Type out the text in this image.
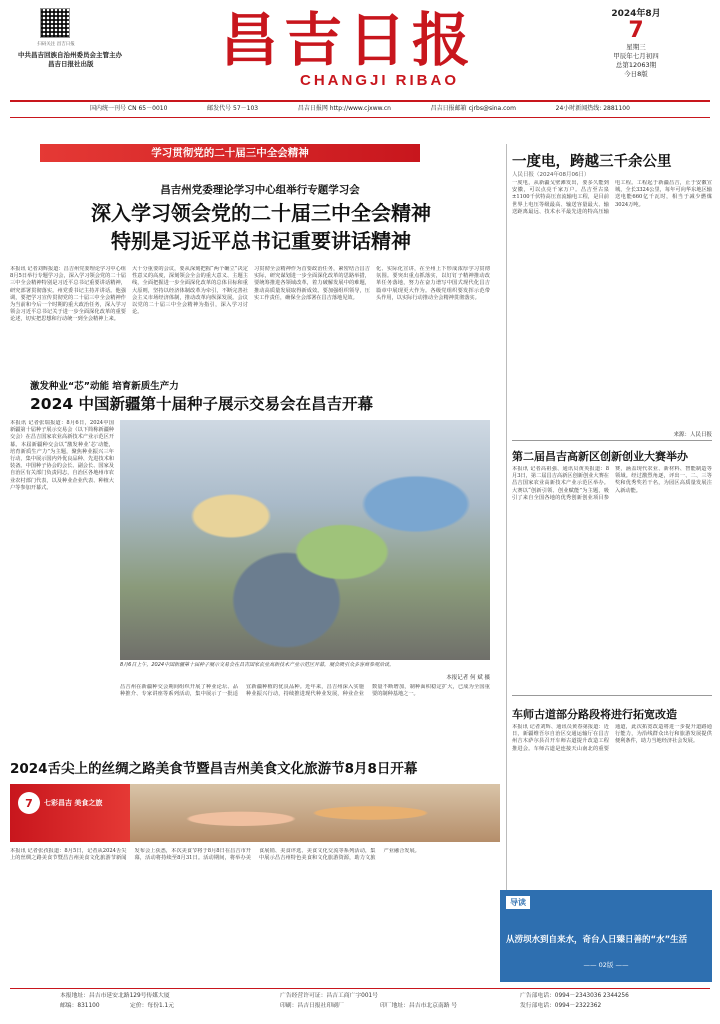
扫码关注 昌吉日报
中共昌吉回族自治州委员会主管主办
昌吉日报社出版 昌吉日报
CHANGJI RIBAO
2024年8月
7
星期三
甲辰年七月初四
总第12063期
今日8版
国内统一刊号 CN 65－0010	邮发代号 57－103	昌吉日报网 http://www.cjxww.cn	昌吉日报邮箱 cjrbs@sina.com	24小时新闻热线: 2881100
学习贯彻党的二十届三中全会精神
昌吉州党委理论学习中心组举行专题学习会
深入学习领会党的二十届三中全会精神
特别是习近平总书记重要讲话精神
本报讯 记者刘辉报道：昌吉州党委理论学习中心组8月5日举行专题学习会，深入学习领会党的二十届三中全会精神特别是习近平总书记重要讲话精神，研究部署贯彻落实。州党委书记主持并讲话。他强调，要把学习宣传贯彻党的二十届三中全会精神作为当前和今后一个时期的重大政治任务，深入学习领会习近平总书记关于进一步全面深化改革的重要论述，切实把思想和行动统一到全会精神上来。
大十分重要的会议，要从深刻把握“两个确立”决定性意义的高度，深刻领会全会的重大意义、主题主线，全面把握进一步全面深化改革的总体目标和重大原则，坚持以经济体制改革为牵引，不断完善社会主义市场经济体制，推动改革向纵深发展。会议以党的二十届三中全会精神为指引，深入学习讨论。
习贯彻全会精神作为首要政治任务，紧密结合昌吉实际，研究谋划进一步全面深化改革的思路举措，要统筹推进各领域改革，着力破解发展中的难题，推动高质量发展取得新成效。要加强组织领导，压实工作责任，确保全会部署在昌吉落地见效。
化、实际化宣讲，在全州上下形成浓厚学习贯彻氛围。要突出重点抓落实，以钉钉子精神推动改革任务落地，努力在奋力谱写中国式现代化昌吉篇章中展现更大作为。各级党组织要发挥示范带头作用，以实际行动推动全会精神贯彻落实。
激发种业“芯”动能 培育新质生产力
2024 中国新疆第十届种子展示交易会在昌吉开幕
本报讯 记者张瑞报道：8月6日，2024中国新疆第十届种子展示交易会（以下简称新疆种交会）在昌吉国家农业高新技术产业示范区开幕。本届新疆种交会以“激发种业‘芯’动能，培育新质生产力”为主题，聚焦种业振兴三年行动，集中展示国内外优良品种、先进技术和装备。中国种子协会的会长、副会长、国家及自治区有关部门负责同志，自治区各地州市农业农村部门代表，以及种业企业代表、种植大户等参加开幕式。
8月6日上午，2024中国新疆第十届种子展示交易会在昌吉国家农业高新技术产业示范区开幕，展会吸引众多客商参观洽谈。
本报记者 何 斌 摄
昌吉州在新疆种交会期间组织开展了种业论坛、品种推介、专家讲座等系列活动，集中展示了一批适宜新疆种植的优良品种。近年来，昌吉州深入实施种业振兴行动，持续推进现代种业发展，种业企业数量不断增加，制种面积稳定扩大，已成为全国重要的制种基地之一。
2024舌尖上的丝绸之路美食节暨昌吉州美食文化旅游节8月8日开幕
7	七彩昌吉 美食之旅
本报讯 记者张孜报道：8月5日，记者从2024舌尖上的丝绸之路美食节暨昌吉州美食文化旅游节新闻发布会上获悉，本次美食节将于8月8日在昌吉市开幕，活动将持续至8月31日。活动期间，将举办美食展销、美食评选、美食文化交流等系列活动，集中展示昌吉州特色美食和文化旅游资源，助力文旅产业融合发展。
一度电，跨越三千余公里
人民日报（2024年08月06日）
一度电，从新疆戈壁滩发出，要多久能到安徽，可以点亮千家万户。昌吉至古泉±1100千伏特高压直流输电工程，是目前世界上电压等级最高、输送容量最大、输送距离最远、技术水平最先进的特高压输电工程。工程起于新疆昌吉，止于安徽宣城，全长3324公里，每年可向华东地区输送电能660亿千瓦时，相当于减少燃煤3024万吨。
来源：人民日报
第二届昌吉高新区创新创业大赛举办
本报讯 记者高祖强、通讯员黄英报道：8月3日，第二届昌吉高新区创新创业大赛在昌吉国家农业高新技术产业示范区举办。大赛以“创新引领、创业赋能”为主题，吸引了来自全国各地的优秀创新创业项目参赛，涵盖现代农业、新材料、智能制造等领域。经过激烈角逐，评出一、二、三等奖和优秀奖若干名，为园区高质量发展注入新动能。
车师古道部分路段将进行拓宽改造
本报讯 记者刘辉、通讯员黄春第报道：近日，新疆维吾尔自治区交通运输厅在昌吉州吉木萨尔县召开车师古道提升改造工程推进会。车师古道是连接天山南北的重要通道，此次拓宽改造将进一步提升道路通行能力，为沿线群众出行和旅游发展提供便利条件，助力当地经济社会发展。
导读
从涝坝水到自来水，奇台人日臻日善的“水”生活
—— 02版 ——
本报地址：昌吉市延安北路129号传媒大厦
邮编：831100	定价：每份1.1元
广告经营许可证：昌吉工商广字001号
印刷：昌吉日报社印刷厂	印厂地址：昌吉市北京南路 号
广告部电话：0994－2343036 2344256
发行部电话：0994－2322362
